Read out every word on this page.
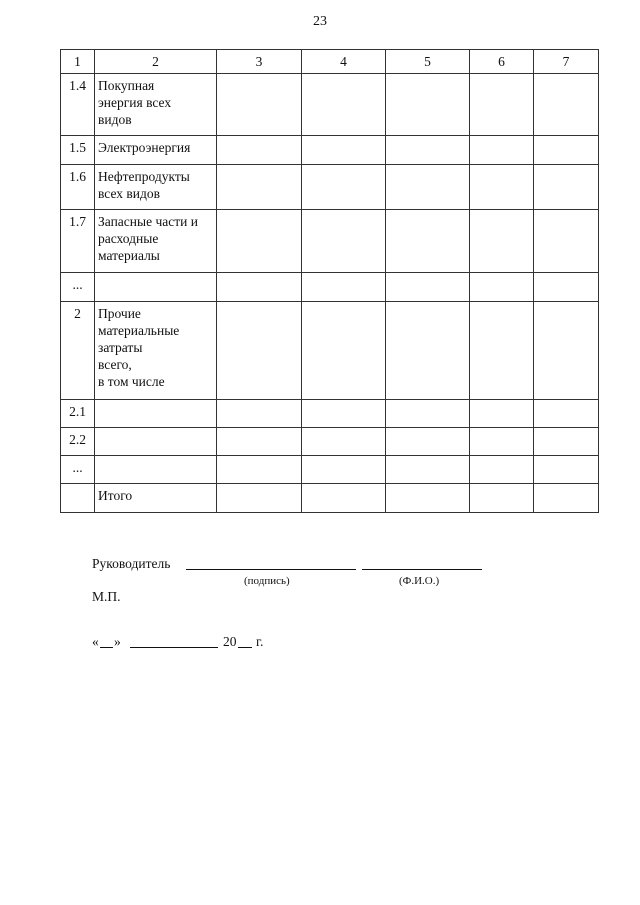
23
1	2	3	4	5	6	7
1.4	Покупная
энергия всех
видов					
1.5	Электроэнергия					
1.6	Нефтепродукты
всех видов					
1.7	Запасные части и
расходные
материалы					
...						
2	Прочие
материальные
затраты
всего,
в том числе					
2.1						
2.2						
...						
	Итого					
Руководитель
(подпись)	(Ф.И.О.)
М.П.
« »	20 г.
